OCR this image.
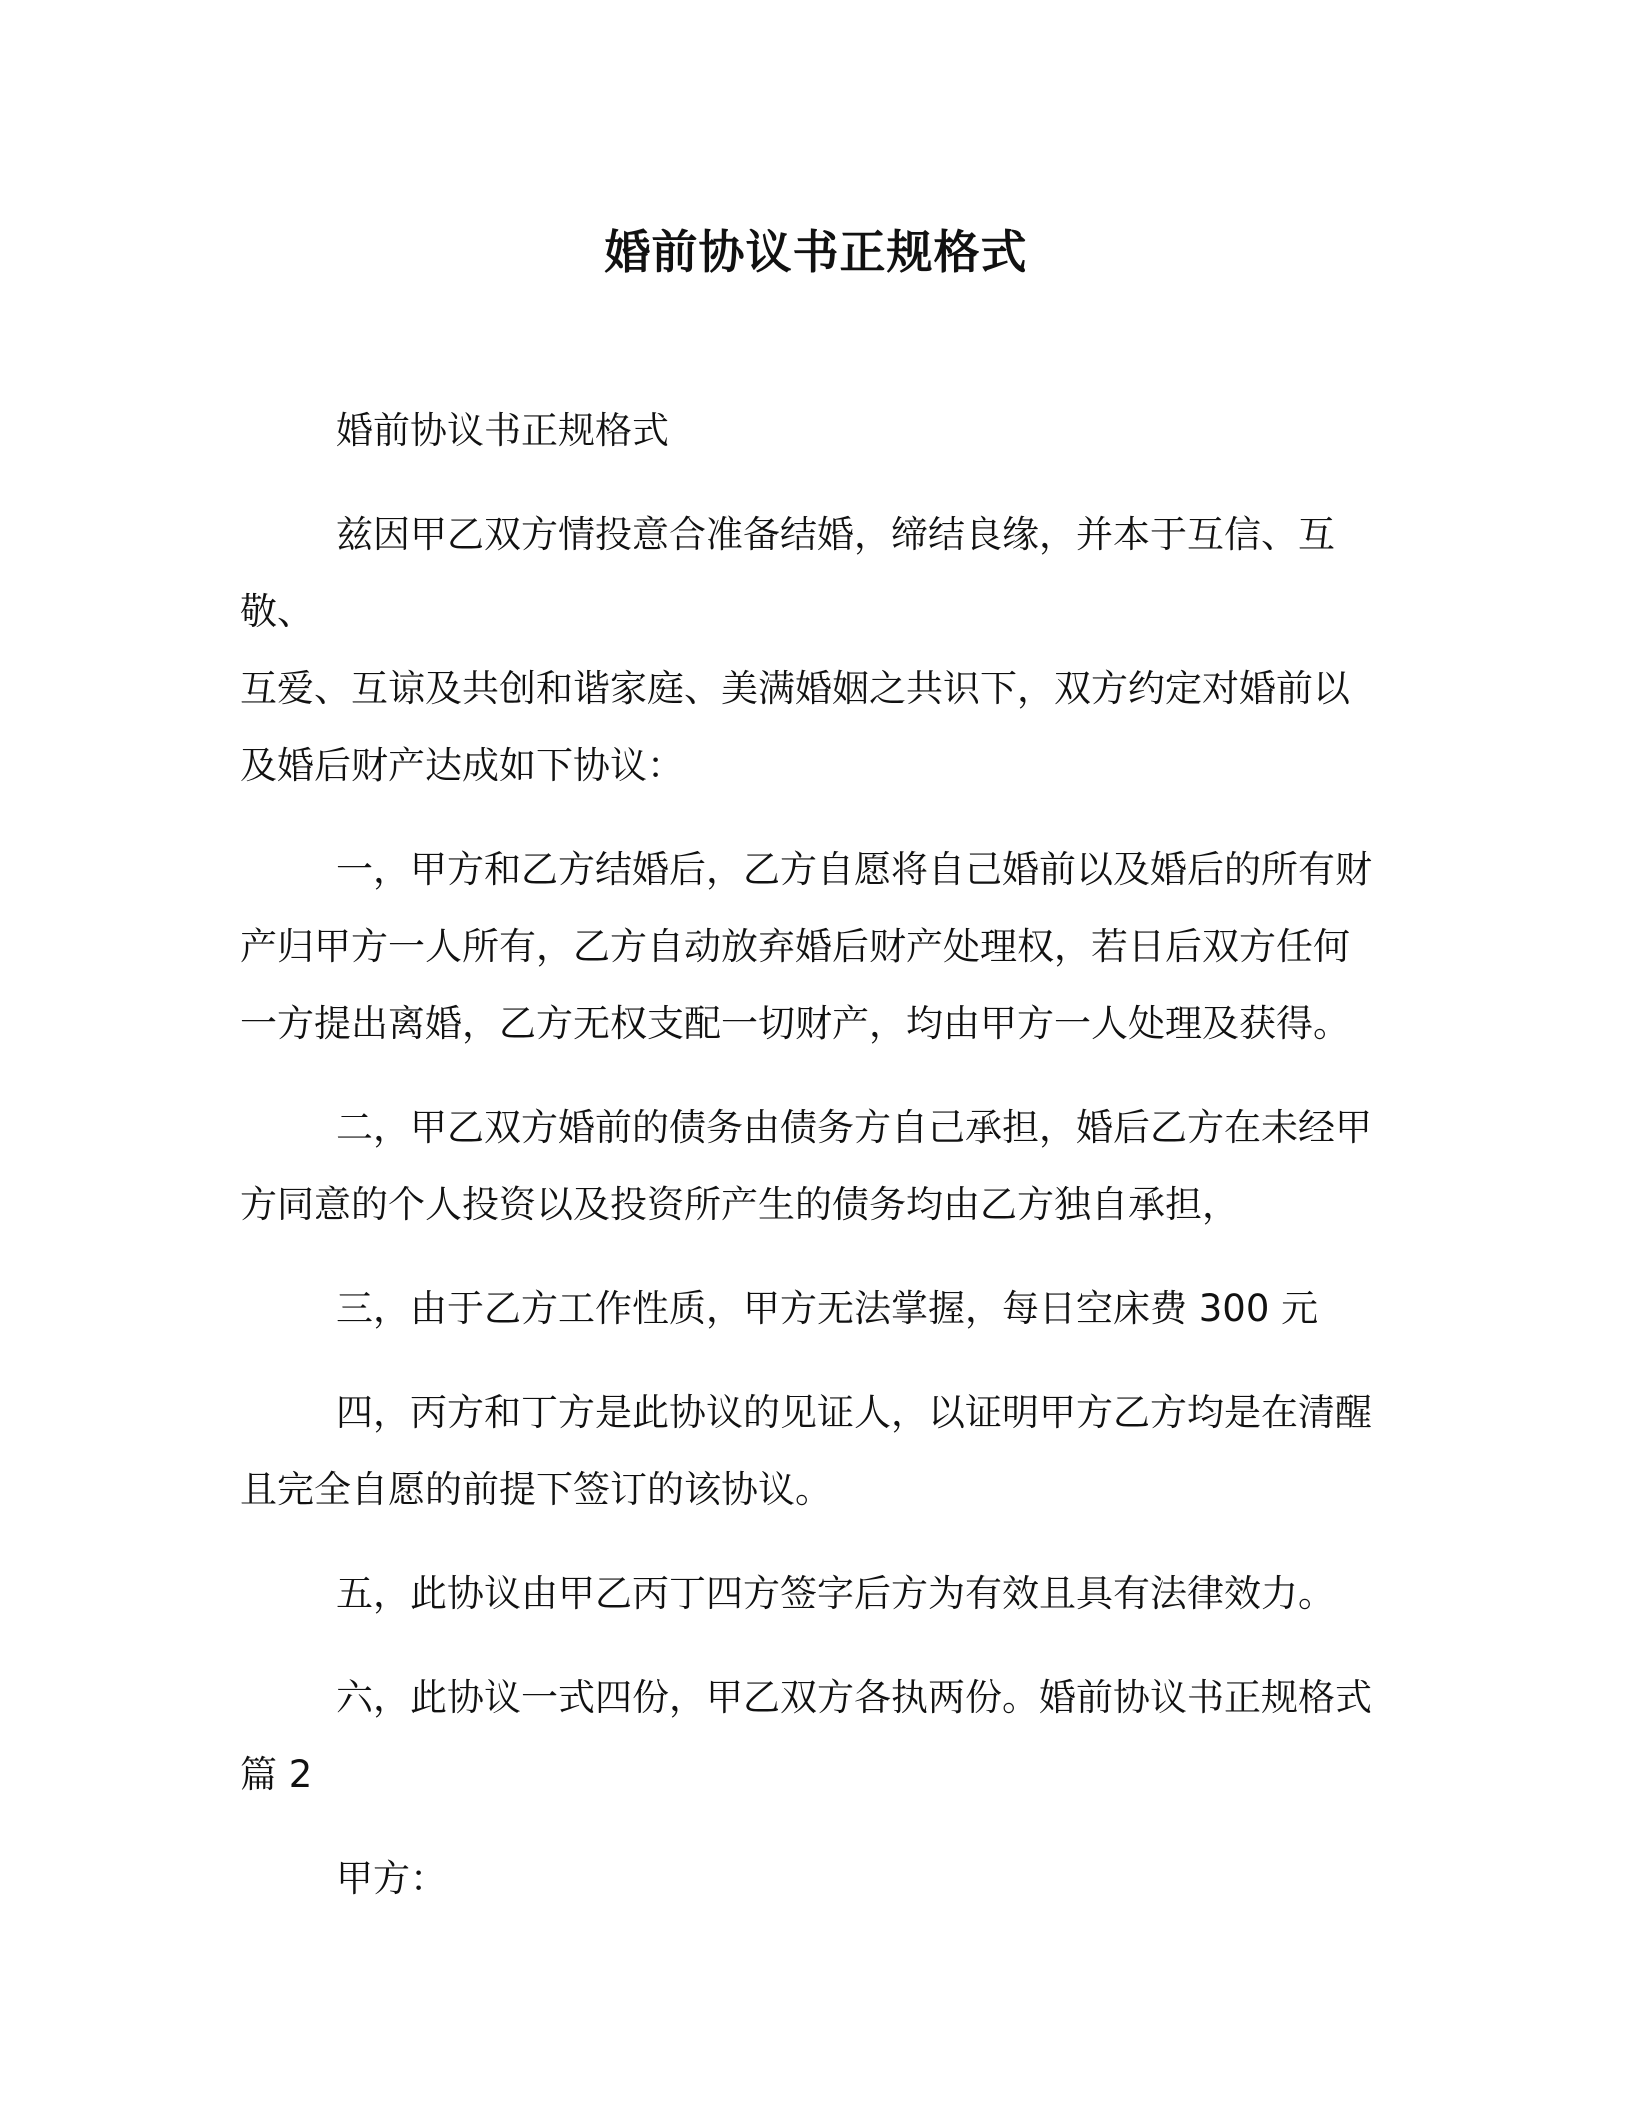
婚前协议书正规格式

婚前协议书正规格式

兹因甲乙双方情投意合准备结婚，缔结良缘，并本于互信、互敬、
互爱、互谅及共创和谐家庭、美满婚姻之共识下，双方约定对婚前以
及婚后财产达成如下协议：

一，甲方和乙方结婚后，乙方自愿将自己婚前以及婚后的所有财
产归甲方一人所有，乙方自动放弃婚后财产处理权，若日后双方任何
一方提出离婚，乙方无权支配一切财产，均由甲方一人处理及获得。

二，甲乙双方婚前的债务由债务方自己承担，婚后乙方在未经甲
方同意的个人投资以及投资所产生的债务均由乙方独自承担，

三，由于乙方工作性质，甲方无法掌握，每日空床费 300 元

四，丙方和丁方是此协议的见证人，以证明甲方乙方均是在清醒
且完全自愿的前提下签订的该协议。

五，此协议由甲乙丙丁四方签字后方为有效且具有法律效力。

六，此协议一式四份，甲乙双方各执两份。婚前协议书正规格式
篇 2

甲方：
